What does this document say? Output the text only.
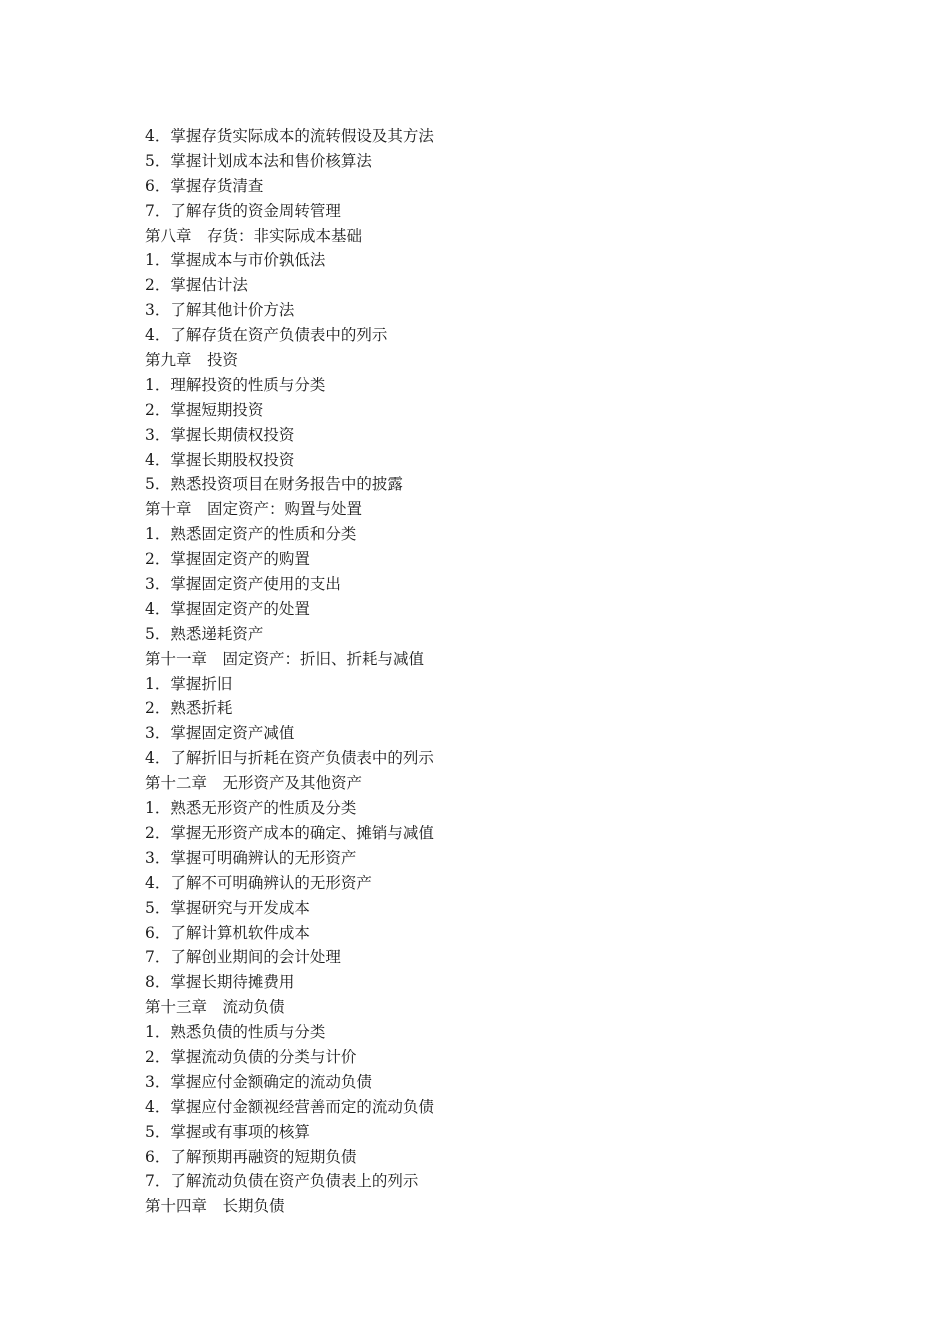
4．掌握存货实际成本的流转假设及其方法
5．掌握计划成本法和售价核算法
6．掌握存货清查
7．了解存货的资金周转管理
第八章　存货：非实际成本基础
1．掌握成本与市价孰低法
2．掌握估计法
3．了解其他计价方法
4．了解存货在资产负债表中的列示
第九章　投资
1．理解投资的性质与分类
2．掌握短期投资
3．掌握长期债权投资
4．掌握长期股权投资
5．熟悉投资项目在财务报告中的披露
第十章　固定资产：购置与处置
1．熟悉固定资产的性质和分类
2．掌握固定资产的购置
3．掌握固定资产使用的支出
4．掌握固定资产的处置
5．熟悉递耗资产
第十一章　固定资产：折旧、折耗与减值
1．掌握折旧
2．熟悉折耗
3．掌握固定资产减值
4．了解折旧与折耗在资产负债表中的列示
第十二章　无形资产及其他资产
1．熟悉无形资产的性质及分类
2．掌握无形资产成本的确定、摊销与减值
3．掌握可明确辨认的无形资产
4．了解不可明确辨认的无形资产
5．掌握研究与开发成本
6．了解计算机软件成本
7．了解创业期间的会计处理
8．掌握长期待摊费用
第十三章　流动负债
1．熟悉负债的性质与分类
2．掌握流动负债的分类与计价
3．掌握应付金额确定的流动负债
4．掌握应付金额视经营善而定的流动负债
5．掌握或有事项的核算
6．了解预期再融资的短期负债
7．了解流动负债在资产负债表上的列示
第十四章　长期负债
